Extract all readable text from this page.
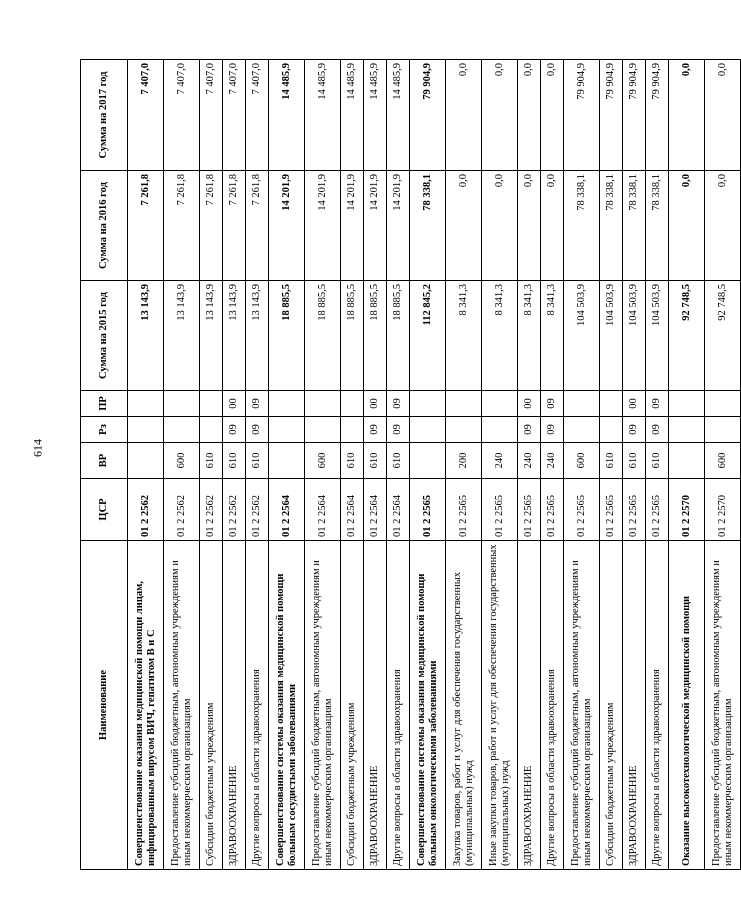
614
Наименование	ЦСР	ВР	Рз	ПР	Сумма на 2015 год	Сумма на 2016 год	Сумма на 2017 год
Совершенствование оказания медицинской помощи лицам, инфицированным вирусом ВИЧ, гепатитом В и С	01 2 2562				13 143,9	7 261,8	7 407,0
Предоставление субсидий бюджетным, автономным учреждениям и иным некоммерческим организациям	01 2 2562	600			13 143,9	7 261,8	7 407,0
Субсидии бюджетным учреждениям	01 2 2562	610			13 143,9	7 261,8	7 407,0
ЗДРАВООХРАНЕНИЕ	01 2 2562	610	09	00	13 143,9	7 261,8	7 407,0
Другие вопросы в области здравоохранения	01 2 2562	610	09	09	13 143,9	7 261,8	7 407,0
Совершенствование системы оказания медицинской помощи больным сосудистыми заболеваниями	01 2 2564				18 885,5	14 201,9	14 485,9
Предоставление субсидий бюджетным, автономным учреждениям и иным некоммерческим организациям	01 2 2564	600			18 885,5	14 201,9	14 485,9
Субсидии бюджетным учреждениям	01 2 2564	610			18 885,5	14 201,9	14 485,9
ЗДРАВООХРАНЕНИЕ	01 2 2564	610	09	00	18 885,5	14 201,9	14 485,9
Другие вопросы в области здравоохранения	01 2 2564	610	09	09	18 885,5	14 201,9	14 485,9
Совершенствование системы оказания медицинской помощи больным онкологическими заболеваниями	01 2 2565				112 845,2	78 338,1	79 904,9
Закупка товаров, работ и услуг для обеспечения государственных (муниципальных) нужд	01 2 2565	200			8 341,3	0,0	0,0
Иные закупки товаров, работ и услуг для обеспечения государственных (муниципальных) нужд	01 2 2565	240			8 341,3	0,0	0,0
ЗДРАВООХРАНЕНИЕ	01 2 2565	240	09	00	8 341,3	0,0	0,0
Другие вопросы в области здравоохранения	01 2 2565	240	09	09	8 341,3	0,0	0,0
Предоставление субсидий бюджетным, автономным учреждениям и иным некоммерческим организациям	01 2 2565	600			104 503,9	78 338,1	79 904,9
Субсидии бюджетным учреждениям	01 2 2565	610			104 503,9	78 338,1	79 904,9
ЗДРАВООХРАНЕНИЕ	01 2 2565	610	09	00	104 503,9	78 338,1	79 904,9
Другие вопросы в области здравоохранения	01 2 2565	610	09	09	104 503,9	78 338,1	79 904,9
Оказание высокотехнологической медицинской помощи	01 2 2570				92 748,5	0,0	0,0
Предоставление субсидий бюджетным, автономным учреждениям и иным некоммерческим организациям	01 2 2570	600			92 748,5	0,0	0,0
